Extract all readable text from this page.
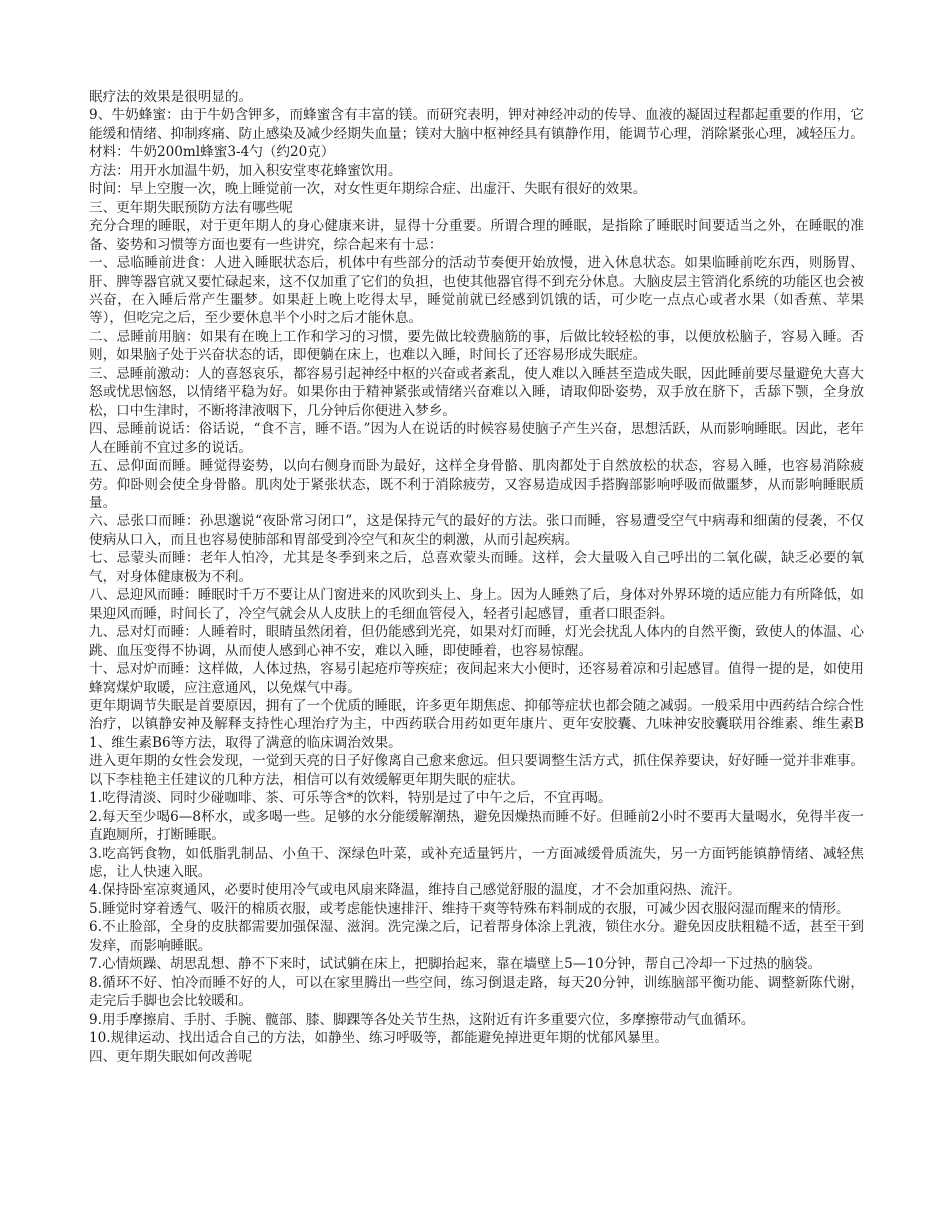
眠疗法的效果是很明显的。

9、牛奶蜂蜜：由于牛奶含钾多，而蜂蜜含有丰富的镁。而研究表明，钾对神经冲动的传导、血液的凝固过程都起重要的作用，它能缓和情绪、抑制疼痛、防止感染及减少经期失血量；镁对大脑中枢神经具有镇静作用，能调节心理，消除紧张心理，减轻压力。

材料：牛奶200ml蜂蜜3-4勺（约20克）

方法：用开水加温牛奶，加入积安堂枣花蜂蜜饮用。

时间：早上空腹一次，晚上睡觉前一次，对女性更年期综合症、出虚汗、失眠有很好的效果。

三、更年期失眠预防方法有哪些呢

充分合理的睡眠，对于更年期人的身心健康来讲，显得十分重要。所谓合理的睡眠，是指除了睡眠时间要适当之外，在睡眠的准备、姿势和习惯等方面也要有一些讲究，综合起来有十忌：

一、忌临睡前进食：人进入睡眠状态后，机体中有些部分的活动节奏便开始放慢，进入休息状态。如果临睡前吃东西，则肠胃、肝、脾等器官就又要忙碌起来，这不仅加重了它们的负担，也使其他器官得不到充分休息。大脑皮层主管消化系统的功能区也会被兴奋，在入睡后常产生噩梦。如果赶上晚上吃得太早，睡觉前就已经感到饥饿的话，可少吃一点点心或者水果（如香蕉、苹果等），但吃完之后，至少要休息半个小时之后才能休息。

二、忌睡前用脑：如果有在晚上工作和学习的习惯，要先做比较费脑筋的事，后做比较轻松的事，以便放松脑子，容易入睡。否则，如果脑子处于兴奋状态的话，即便躺在床上，也难以入睡，时间长了还容易形成失眠症。

三、忌睡前激动：人的喜怒哀乐，都容易引起神经中枢的兴奋或者紊乱，使人难以入睡甚至造成失眠，因此睡前要尽量避免大喜大怒或忧思恼怒，以情绪平稳为好。如果你由于精神紧张或情绪兴奋难以入睡，请取仰卧姿势，双手放在脐下，舌舔下颚，全身放松，口中生津时，不断将津液咽下，几分钟后你便进入梦乡。

四、忌睡前说话：俗话说，“食不言，睡不语。”因为人在说话的时候容易使脑子产生兴奋，思想活跃，从而影响睡眠。因此，老年人在睡前不宜过多的说话。

五、忌仰面而睡。睡觉得姿势，以向右侧身而卧为最好，这样全身骨骼、肌肉都处于自然放松的状态，容易入睡，也容易消除疲劳。仰卧则会使全身骨骼。肌肉处于紧张状态，既不利于消除疲劳，又容易造成因手搭胸部影响呼吸而做噩梦，从而影响睡眠质量。

六、忌张口而睡：孙思邈说“夜卧常习闭口”，这是保持元气的最好的方法。张口而睡，容易遭受空气中病毒和细菌的侵袭，不仅使病从口入，而且也容易使肺部和胃部受到冷空气和灰尘的刺激，从而引起疾病。

七、忌蒙头而睡：老年人怕冷，尤其是冬季到来之后，总喜欢蒙头而睡。这样，会大量吸入自己呼出的二氧化碳，缺乏必要的氧气，对身体健康极为不利。

八、忌迎风而睡：睡眠时千万不要让从门窗进来的风吹到头上、身上。因为人睡熟了后，身体对外界环境的适应能力有所降低，如果迎风而睡，时间长了，冷空气就会从人皮肤上的毛细血管侵入，轻者引起感冒，重者口眼歪斜。

九、忌对灯而睡：人睡着时，眼睛虽然闭着，但仍能感到光亮，如果对灯而睡，灯光会扰乱人体内的自然平衡，致使人的体温、心跳、血压变得不协调，从而使人感到心神不安，难以入睡，即使睡着，也容易惊醒。

十、忌对炉而睡：这样做，人体过热，容易引起疮疖等疾症；夜间起来大小便时，还容易着凉和引起感冒。值得一提的是，如使用蜂窝煤炉取暖，应注意通风，以免煤气中毒。

更年期调节失眠是首要原因，拥有了一个优质的睡眠，许多更年期焦虑、抑郁等症状也都会随之减弱。一般采用中西药结合综合性治疗，以镇静安神及解释支持性心理治疗为主，中西药联合用药如更年康片、更年安胶囊、九味神安胶囊联用谷维素、维生素B1、维生素B6等方法，取得了满意的临床调治效果。

进入更年期的女性会发现，一觉到天亮的日子好像离自己愈来愈远。但只要调整生活方式，抓住保养要诀，好好睡一觉并非难事。以下李桂艳主任建议的几种方法，相信可以有效缓解更年期失眠的症状。

1.吃得清淡、同时少碰咖啡、茶、可乐等含*的饮料，特别是过了中午之后，不宜再喝。

2.每天至少喝6—8杯水，或多喝一些。足够的水分能缓解潮热，避免因燥热而睡不好。但睡前2小时不要再大量喝水，免得半夜一直跑厕所，打断睡眠。

3.吃高钙食物，如低脂乳制品、小鱼干、深绿色叶菜，或补充适量钙片，一方面减缓骨质流失，另一方面钙能镇静情绪、减轻焦虑，让人快速入眠。

4.保持卧室凉爽通风，必要时使用冷气或电风扇来降温，维持自己感觉舒服的温度，才不会加重闷热、流汗。

5.睡觉时穿着透气、吸汗的棉质衣服，或考虑能快速排汗、维持干爽等特殊布料制成的衣服，可减少因衣服闷湿而醒来的情形。

6.不止脸部，全身的皮肤都需要加强保湿、滋润。洗完澡之后，记着帮身体涂上乳液，锁住水分。避免因皮肤粗糙不适，甚至干到发痒，而影响睡眠。

7.心情烦躁、胡思乱想、静不下来时，试试躺在床上，把脚抬起来，靠在墙壁上5—10分钟，帮自己冷却一下过热的脑袋。

8.循环不好、怕冷而睡不好的人，可以在家里腾出一些空间，练习倒退走路，每天20分钟，训练脑部平衡功能、调整新陈代谢，走完后手脚也会比较暖和。

9.用手摩擦肩、手肘、手腕、髋部、膝、脚踝等各处关节生热，这附近有许多重要穴位，多摩擦带动气血循环。

10.规律运动、找出适合自己的方法，如静坐、练习呼吸等，都能避免掉进更年期的忧郁风暴里。

四、更年期失眠如何改善呢
